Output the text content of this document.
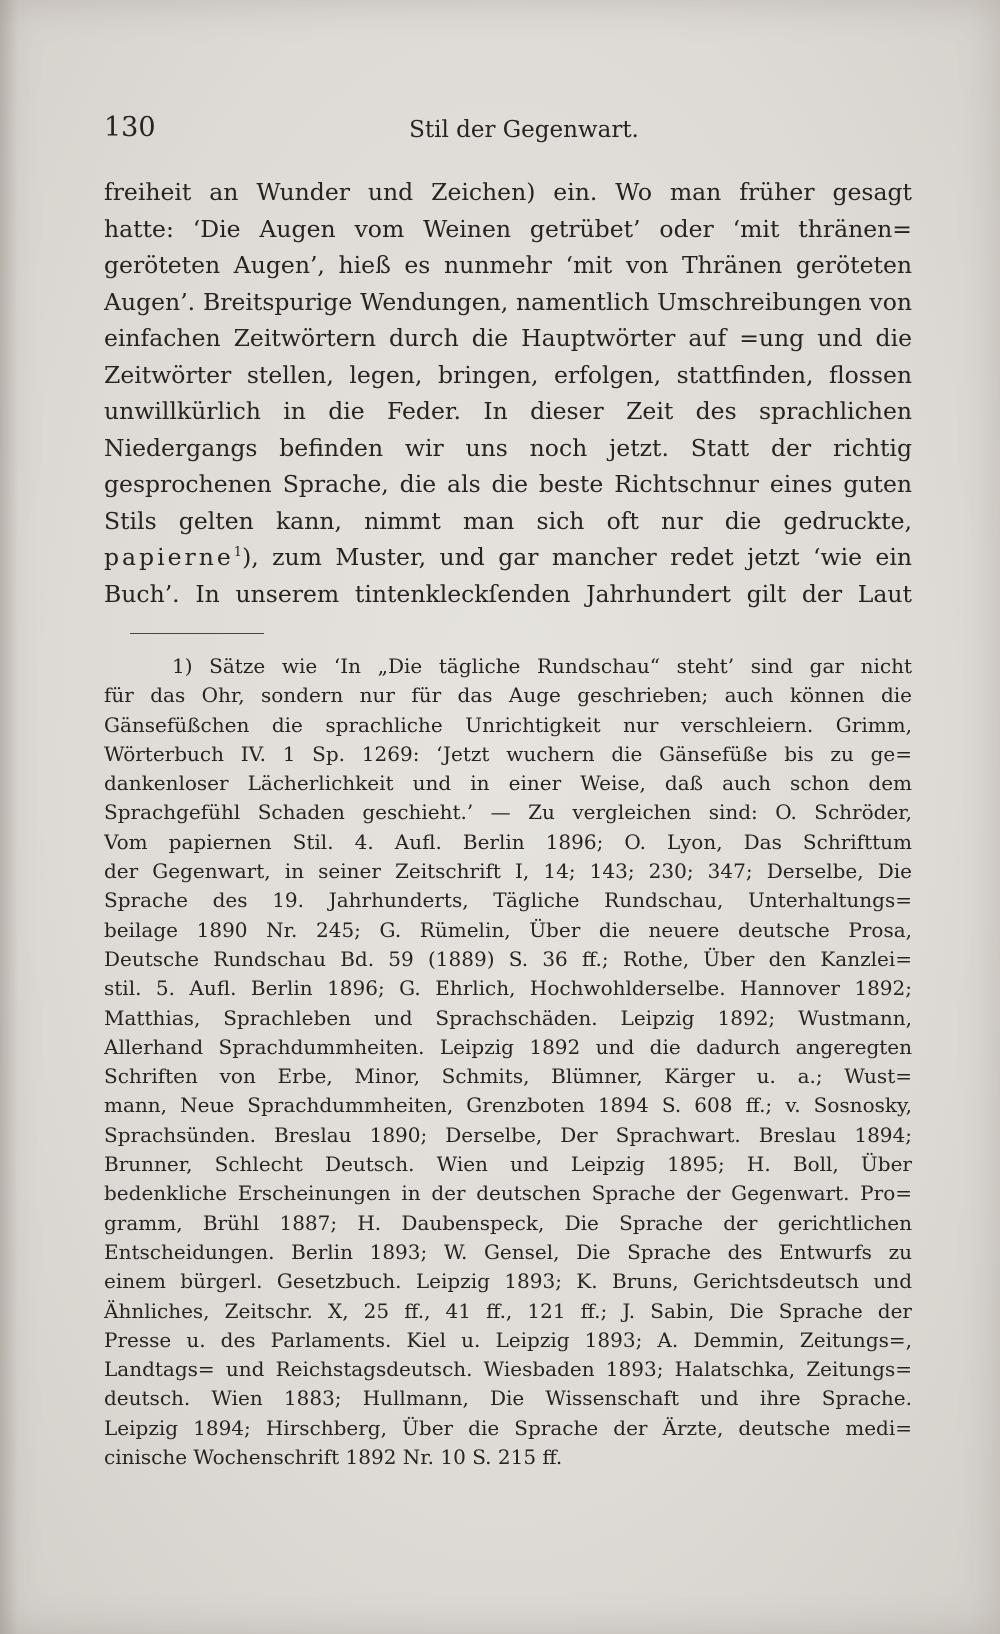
130	Stil der Gegenwart.
freiheit an Wunder und Zeichen) ein. Wo man früher gesagt
hatte: ‘Die Augen vom Weinen getrübet’ oder ‘mit thränen=
geröteten Augen’, hieß es nunmehr ‘mit von Thränen geröteten
Augen’. Breitspurige Wendungen, namentlich Umschreibungen von
einfachen Zeitwörtern durch die Hauptwörter auf =ung und die
Zeitwörter stellen, legen, bringen, erfolgen, stattfinden, flossen
unwillkürlich in die Feder. In dieser Zeit des sprachlichen
Niedergangs befinden wir uns noch jetzt. Statt der richtig
gesprochenen Sprache, die als die beste Richtschnur eines guten
Stils gelten kann, nimmt man sich oft nur die gedruckte,
papierne$^1$), zum Muster, und gar mancher redet jetzt ‘wie ein
Buch’. In unserem tintenkleckſenden Jahrhundert gilt der Laut
1) Sätze wie ‘In „Die tägliche Rundschau“ steht’ sind gar nicht
für das Ohr, sondern nur für das Auge geschrieben; auch können die
Gänsefüßchen die sprachliche Unrichtigkeit nur verschleiern. Grimm,
Wörterbuch IV. 1 Sp. 1269: ‘Jetzt wuchern die Gänsefüße bis zu ge=
dankenloser Lächerlichkeit und in einer Weise, daß auch schon dem
Sprachgefühl Schaden geschieht.’ — Zu vergleichen sind: O. Schröder,
Vom papiernen Stil. 4. Aufl. Berlin 1896; O. Lyon, Das Schrifttum
der Gegenwart, in seiner Zeitschrift I, 14; 143; 230; 347; Derselbe, Die
Sprache des 19. Jahrhunderts, Tägliche Rundschau, Unterhaltungs=
beilage 1890 Nr. 245; G. Rümelin, Über die neuere deutsche Prosa,
Deutsche Rundschau Bd. 59 (1889) S. 36 ff.; Rothe, Über den Kanzlei=
stil. 5. Aufl. Berlin 1896; G. Ehrlich, Hochwohlderselbe. Hannover 1892;
Matthias, Sprachleben und Sprachschäden. Leipzig 1892; Wustmann,
Allerhand Sprachdummheiten. Leipzig 1892 und die dadurch angeregten
Schriften von Erbe, Minor, Schmits, Blümner, Kärger u. a.; Wust=
mann, Neue Sprachdummheiten, Grenzboten 1894 S. 608 ff.; v. Sosnosky,
Sprachsünden. Breslau 1890; Derselbe, Der Sprachwart. Breslau 1894;
Brunner, Schlecht Deutsch. Wien und Leipzig 1895; H. Boll, Über
bedenkliche Erscheinungen in der deutschen Sprache der Gegenwart. Pro=
gramm, Brühl 1887; H. Daubenspeck, Die Sprache der gerichtlichen
Entscheidungen. Berlin 1893; W. Gensel, Die Sprache des Entwurfs zu
einem bürgerl. Gesetzbuch. Leipzig 1893; K. Bruns, Gerichtsdeutsch und
Ähnliches, Zeitschr. X, 25 ff., 41 ff., 121 ff.; J. Sabin, Die Sprache der
Presse u. des Parlaments. Kiel u. Leipzig 1893; A. Demmin, Zeitungs=,
Landtags= und Reichstagsdeutsch. Wiesbaden 1893; Halatschka, Zeitungs=
deutsch. Wien 1883; Hullmann, Die Wissenschaft und ihre Sprache.
Leipzig 1894; Hirschberg, Über die Sprache der Ärzte, deutsche medi=
cinische Wochenschrift 1892 Nr. 10 S. 215 ff.
